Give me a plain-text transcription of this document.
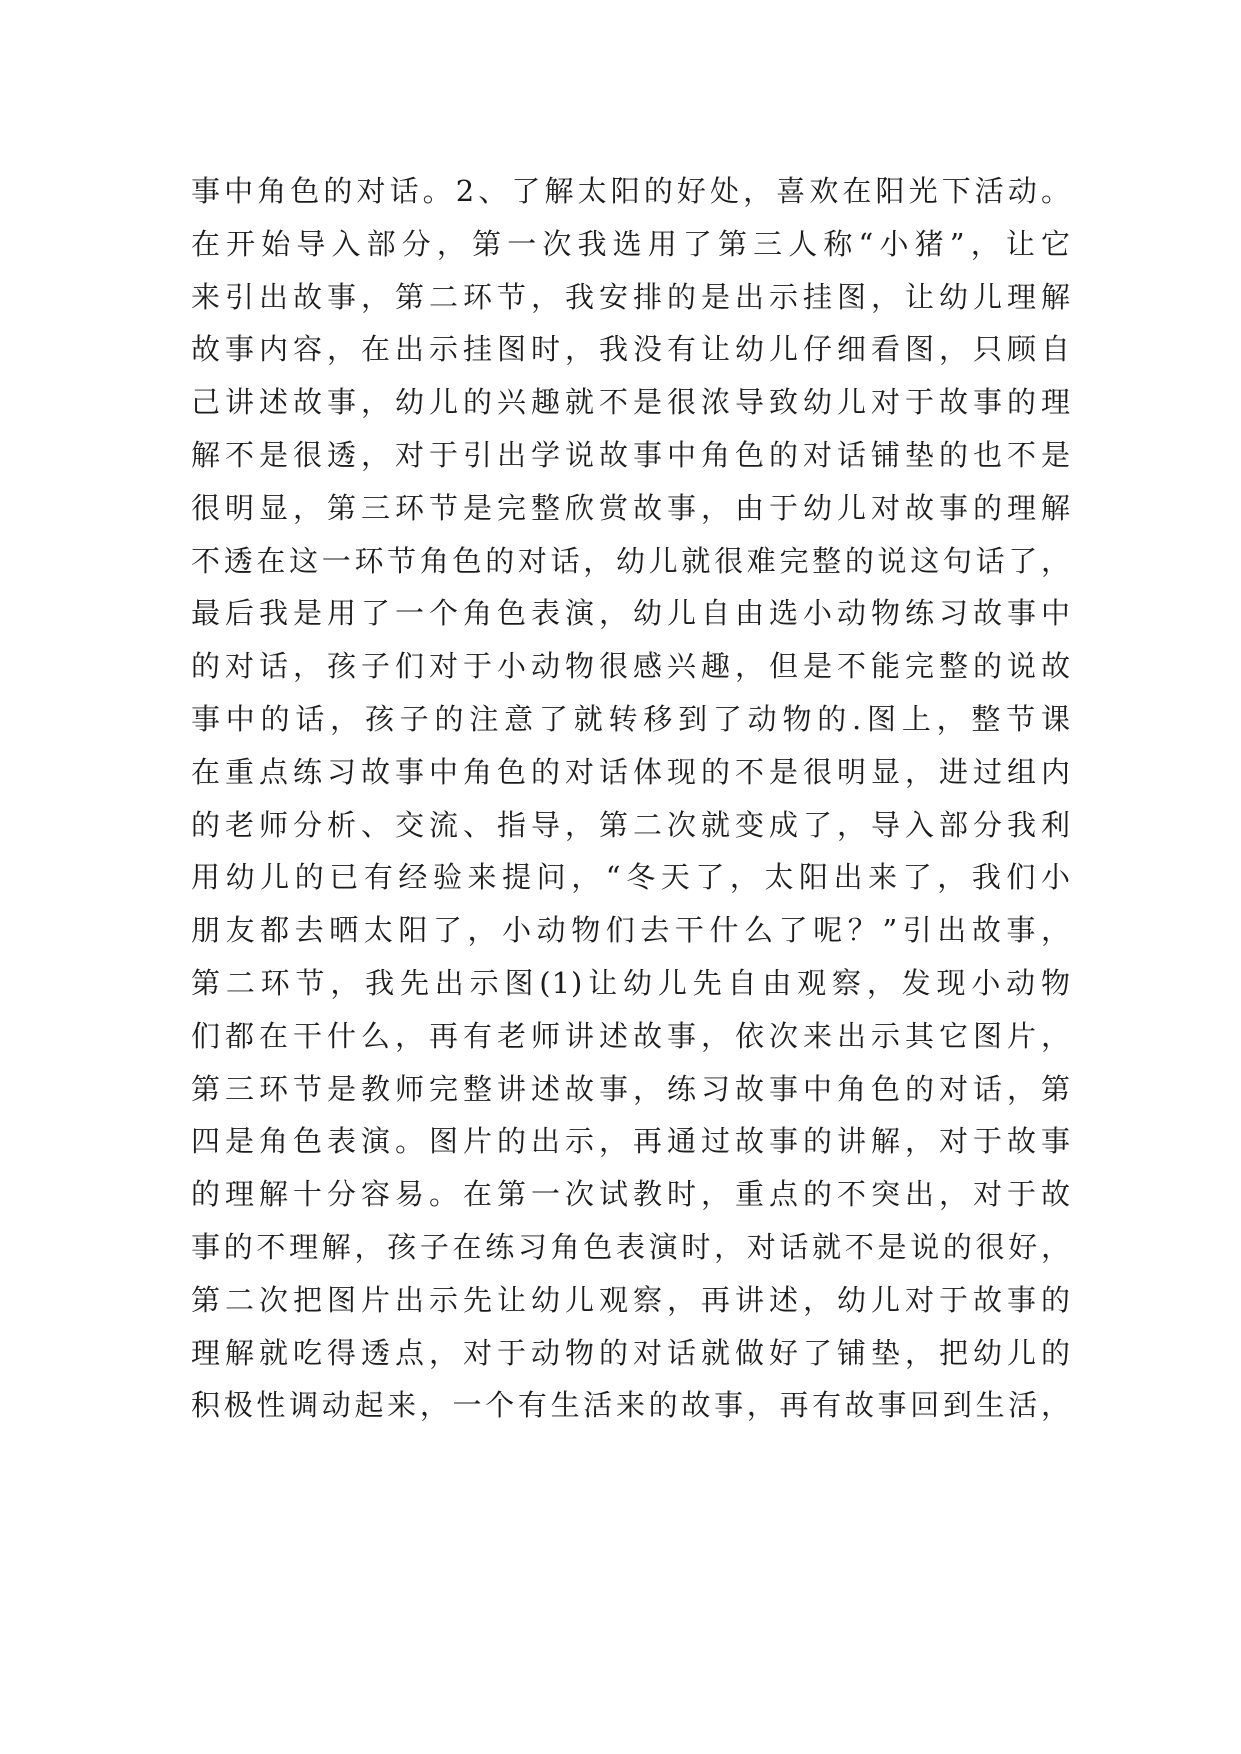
事中角色的对话。2、了解太阳的好处，喜欢在阳光下活动。
在开始导入部分，第一次我选用了第三人称“小猪”，让它
来引出故事，第二环节，我安排的是出示挂图，让幼儿理解
故事内容，在出示挂图时，我没有让幼儿仔细看图，只顾自
己讲述故事，幼儿的兴趣就不是很浓导致幼儿对于故事的理
解不是很透，对于引出学说故事中角色的对话铺垫的也不是
很明显，第三环节是完整欣赏故事，由于幼儿对故事的理解
不透在这一环节角色的对话，幼儿就很难完整的说这句话了，
最后我是用了一个角色表演，幼儿自由选小动物练习故事中
的对话，孩子们对于小动物很感兴趣，但是不能完整的说故
事中的话，孩子的注意了就转移到了动物的.图上，整节课
在重点练习故事中角色的对话体现的不是很明显，进过组内
的老师分析、交流、指导，第二次就变成了，导入部分我利
用幼儿的已有经验来提问，“冬天了，太阳出来了，我们小
朋友都去晒太阳了，小动物们去干什么了呢？”引出故事，
第二环节，我先出示图(1)让幼儿先自由观察，发现小动物
们都在干什么，再有老师讲述故事，依次来出示其它图片，
第三环节是教师完整讲述故事，练习故事中角色的对话，第
四是角色表演。图片的出示，再通过故事的讲解，对于故事
的理解十分容易。在第一次试教时，重点的不突出，对于故
事的不理解，孩子在练习角色表演时，对话就不是说的很好，
第二次把图片出示先让幼儿观察，再讲述，幼儿对于故事的
理解就吃得透点，对于动物的对话就做好了铺垫，把幼儿的
积极性调动起来，一个有生活来的故事，再有故事回到生活，
